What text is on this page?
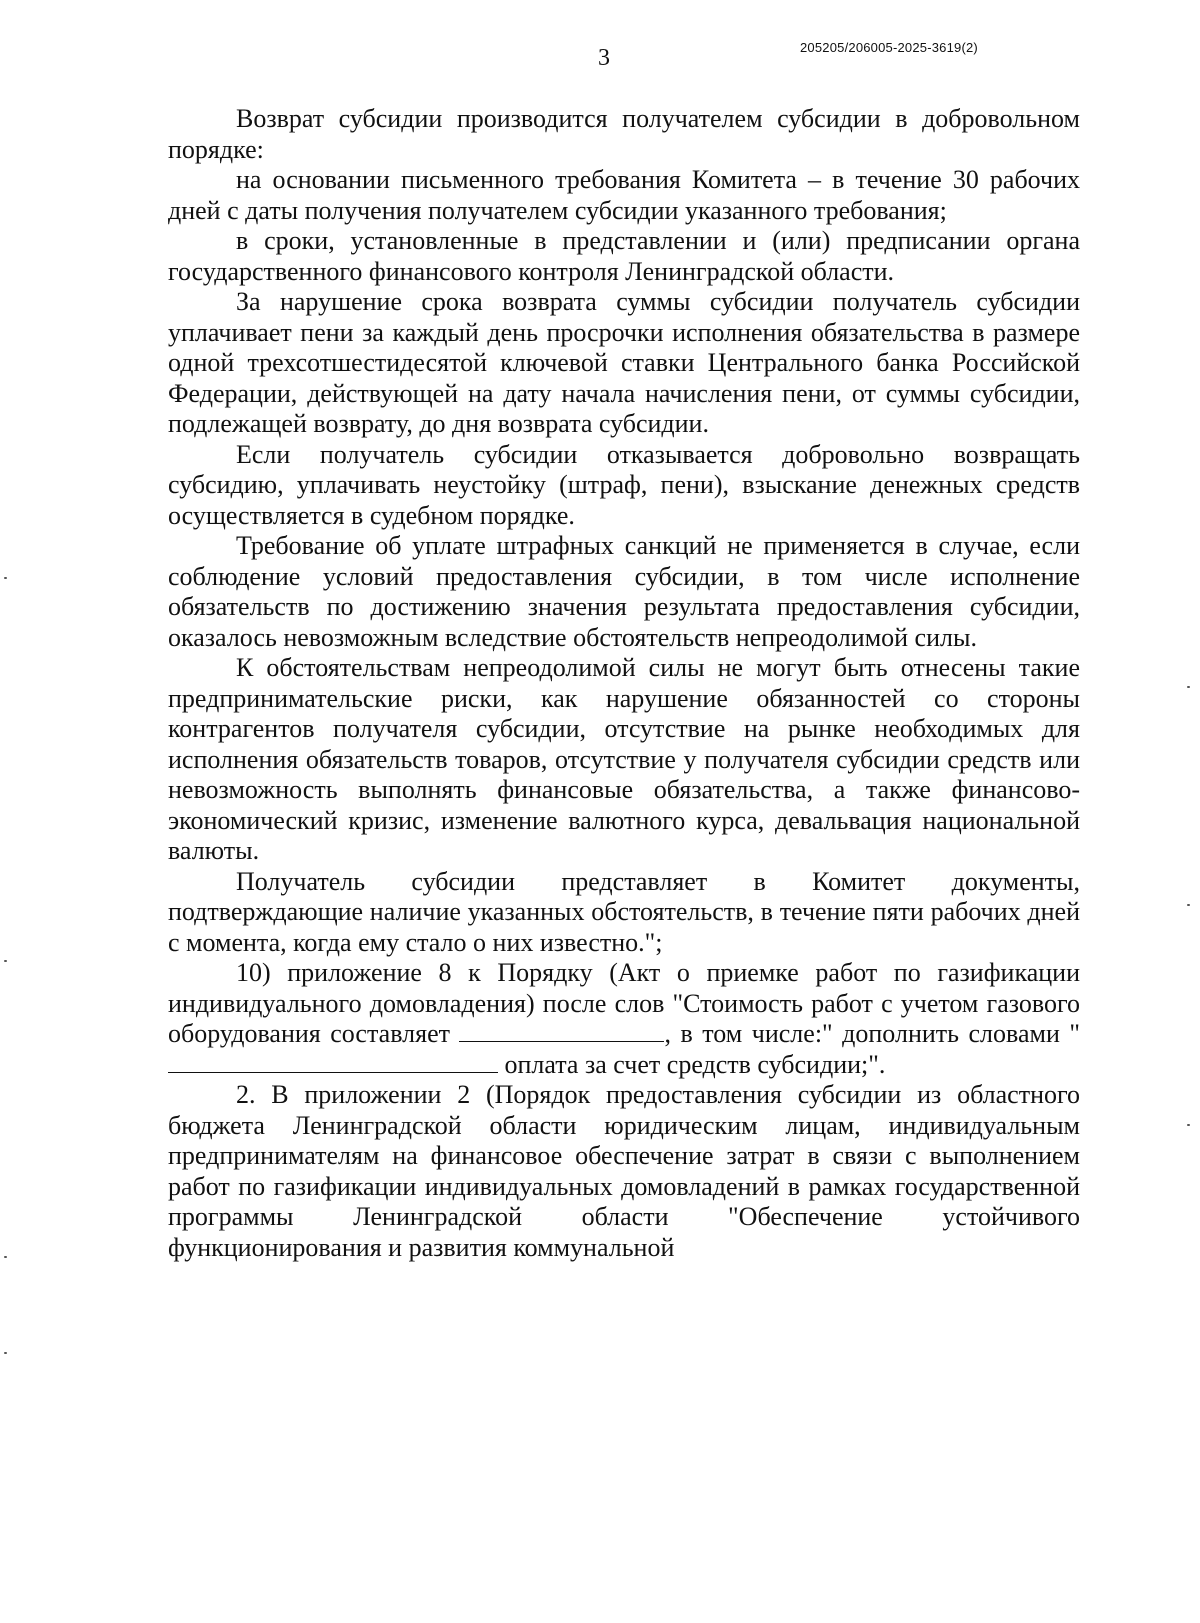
3	205205/206005-2025-3619(2)

Возврат субсидии производится получателем субсидии в добровольном порядке:

на основании письменного требования Комитета – в течение 30 рабочих дней с даты получения получателем субсидии указанного требования;

в сроки, установленные в представлении и (или) предписании органа государственного финансового контроля Ленинградской области.

За нарушение срока возврата суммы субсидии получатель субсидии уплачивает пени за каждый день просрочки исполнения обязательства в размере одной трехсотшестидесятой ключевой ставки Центрального банка Российской Федерации, действующей на дату начала начисления пени, от суммы субсидии, подлежащей возврату, до дня возврата субсидии.

Если получатель субсидии отказывается добровольно возвращать субсидию, уплачивать неустойку (штраф, пени), взыскание денежных средств осуществляется в судебном порядке.

Требование об уплате штрафных санкций не применяется в случае, если соблюдение условий предоставления субсидии, в том числе исполнение обязательств по достижению значения результата предоставления субсидии, оказалось невозможным вследствие обстоятельств непреодолимой силы.

К обстоятельствам непреодолимой силы не могут быть отнесены такие предпринимательские риски, как нарушение обязанностей со стороны контрагентов получателя субсидии, отсутствие на рынке необходимых для исполнения обязательств товаров, отсутствие у получателя субсидии средств или невозможность выполнять финансовые обязательства, а также финансово-экономический кризис, изменение валютного курса, девальвация национальной валюты.

Получатель субсидии представляет в Комитет документы, подтверждающие наличие указанных обстоятельств, в течение пяти рабочих дней с момента, когда ему стало о них известно.";

10) приложение 8 к Порядку (Акт о приемке работ по газификации индивидуального домовладения) после слов "Стоимость работ с учетом газового оборудования составляет	, в том числе:" дополнить словами " оплата за счет средств субсидии;".

2. В приложении 2 (Порядок предоставления субсидии из областного бюджета Ленинградской области юридическим лицам, индивидуальным предпринимателям на финансовое обеспечение затрат в связи с выполнением работ по газификации индивидуальных домовладений в рамках государственной программы Ленинградской области "Обеспечение устойчивого функционирования и развития коммунальной
